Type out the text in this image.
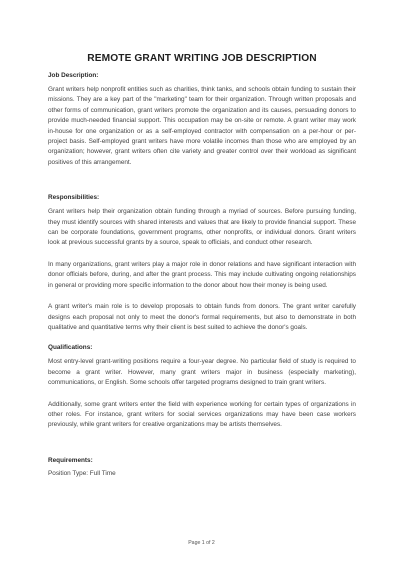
REMOTE GRANT WRITING JOB DESCRIPTION

Job Description:

Grant writers help nonprofit entities such as charities, think tanks, and schools obtain funding to sustain their missions. They are a key part of the "marketing" team for their organization. Through written proposals and other forms of communication, grant writers promote the organization and its causes, persuading donors to provide much-needed financial support. This occupation may be on-site or remote. A grant writer may work in-house for one organization or as a self-employed contractor with compensation on a per-hour or per-project basis. Self-employed grant writers have more volatile incomes than those who are employed by an organization; however, grant writers often cite variety and greater control over their workload as significant positives of this arrangement.

Responsibilities:

Grant writers help their organization obtain funding through a myriad of sources. Before pursuing funding, they must identify sources with shared interests and values that are likely to provide financial support. These can be corporate foundations, government programs, other nonprofits, or individual donors. Grant writers look at previous successful grants by a source, speak to officials, and conduct other research.

In many organizations, grant writers play a major role in donor relations and have significant interaction with donor officials before, during, and after the grant process. This may include cultivating ongoing relationships in general or providing more specific information to the donor about how their money is being used.

A grant writer's main role is to develop proposals to obtain funds from donors. The grant writer carefully designs each proposal not only to meet the donor's formal requirements, but also to demonstrate in both qualitative and quantitative terms why their client is best suited to achieve the donor's goals.

Qualifications:

Most entry-level grant-writing positions require a four-year degree. No particular field of study is required to become a grant writer. However, many grant writers major in business (especially marketing), communications, or English. Some schools offer targeted programs designed to train grant writers.

Additionally, some grant writers enter the field with experience working for certain types of organizations in other roles. For instance, grant writers for social services organizations may have been case workers previously, while grant writers for creative organizations may be artists themselves.

Requirements:

Position Type: Full Time

Page 1 of 2
